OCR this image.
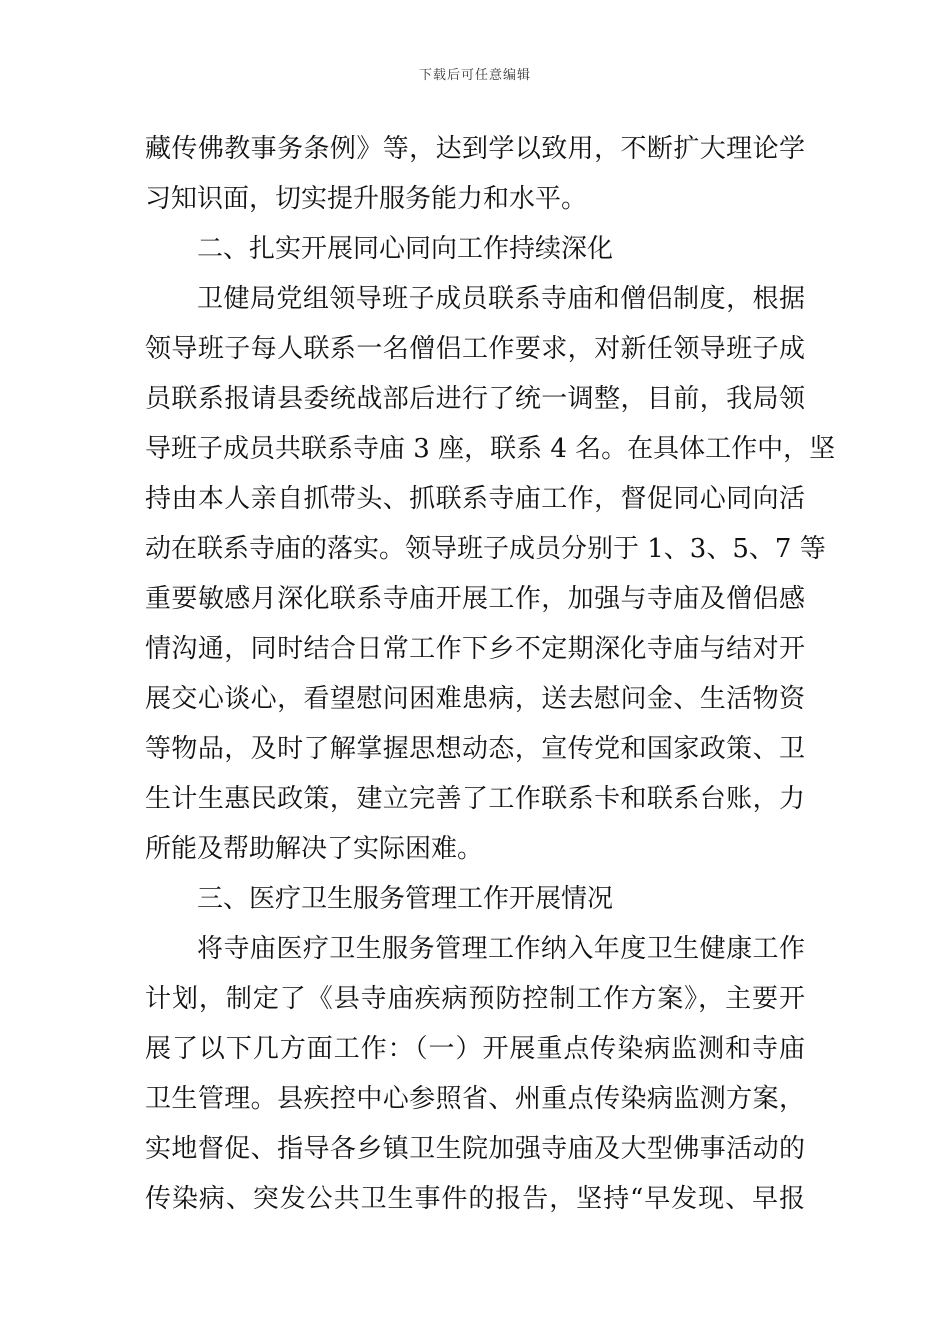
下载后可任意编辑
藏传佛教事务条例》等，达到学以致用，不断扩大理论学
习知识面，切实提升服务能力和水平。
二、扎实开展同心同向工作持续深化
卫健局党组领导班子成员联系寺庙和僧侣制度，根据
领导班子每人联系一名僧侣工作要求，对新任领导班子成
员联系报请县委统战部后进行了统一调整，目前，我局领
导班子成员共联系寺庙 3 座，联系 4 名。在具体工作中，坚
持由本人亲自抓带头、抓联系寺庙工作，督促同心同向活
动在联系寺庙的落实。领导班子成员分别于 1、3、5、7 等
重要敏感月深化联系寺庙开展工作，加强与寺庙及僧侣感
情沟通，同时结合日常工作下乡不定期深化寺庙与结对开
展交心谈心，看望慰问困难患病，送去慰问金、生活物资
等物品，及时了解掌握思想动态，宣传党和国家政策、卫
生计生惠民政策，建立完善了工作联系卡和联系台账，力
所能及帮助解决了实际困难。
三、医疗卫生服务管理工作开展情况
将寺庙医疗卫生服务管理工作纳入年度卫生健康工作
计划，制定了《县寺庙疾病预防控制工作方案》，主要开
展了以下几方面工作：（一）开展重点传染病监测和寺庙
卫生管理。县疾控中心参照省、州重点传染病监测方案，
实地督促、指导各乡镇卫生院加强寺庙及大型佛事活动的
传染病、突发公共卫生事件的报告，坚持“早发现、早报
